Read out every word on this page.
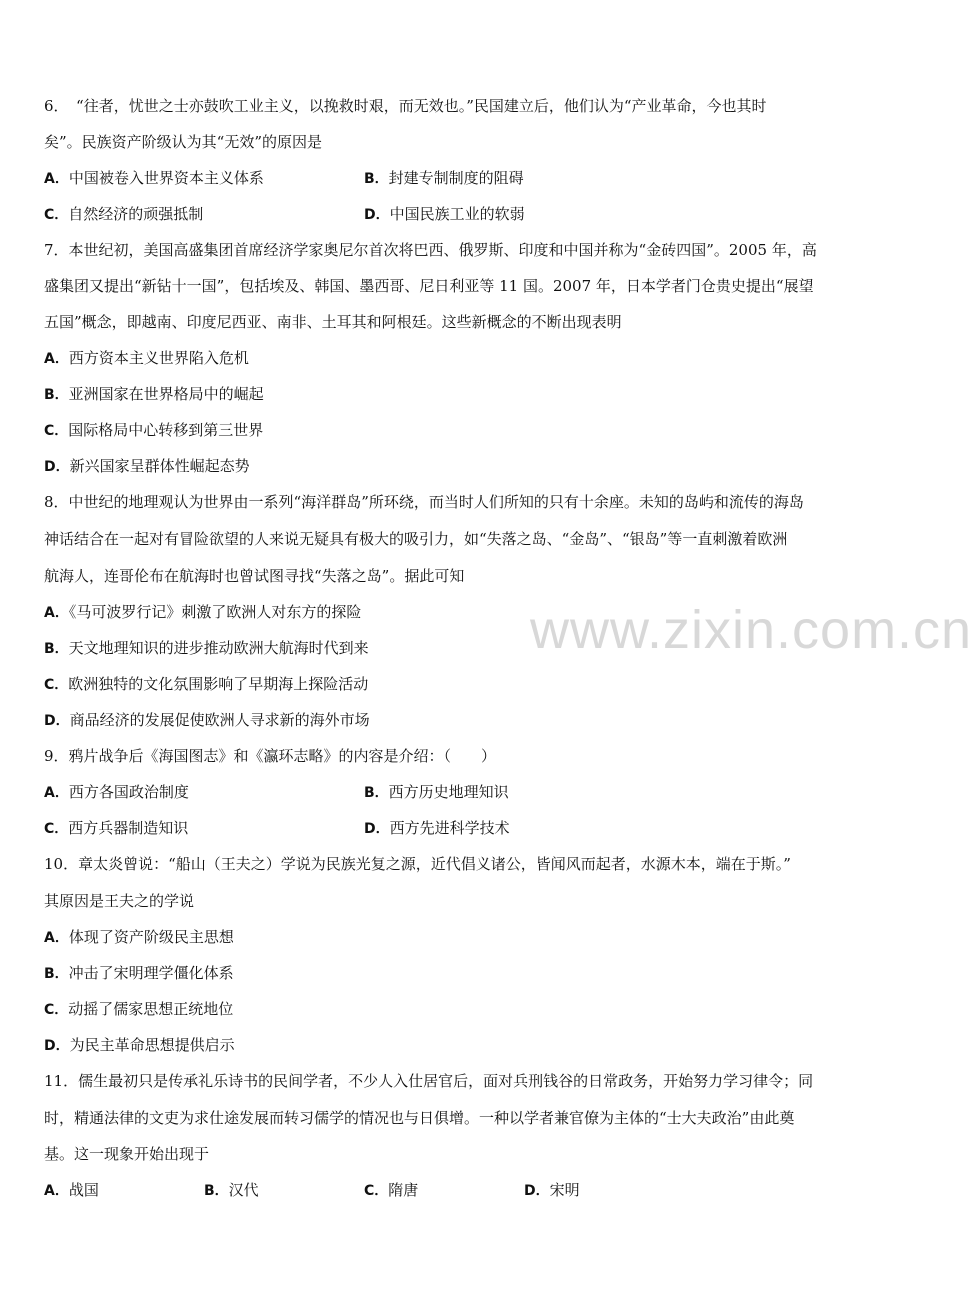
www.zixin.com.cn
6．　“往者，忧世之士亦鼓吹工业主义，以挽救时艰，而无效也。”民国建立后，他们认为“产业革命，今也其时
矣”。民族资产阶级认为其“无效”的原因是
A．中国被卷入世界资本主义体系	B．封建专制制度的阻碍
C．自然经济的顽强抵制	D．中国民族工业的软弱
7．本世纪初，美国高盛集团首席经济学家奥尼尔首次将巴西、俄罗斯、印度和中国并称为“金砖四国”。2005 年，高
盛集团又提出“新钻十一国”，包括埃及、韩国、墨西哥、尼日利亚等 11 国。2007 年，日本学者门仓贵史提出“展望
五国”概念，即越南、印度尼西亚、南非、土耳其和阿根廷。这些新概念的不断出现表明
A．西方资本主义世界陷入危机
B．亚洲国家在世界格局中的崛起
C．国际格局中心转移到第三世界
D．新兴国家呈群体性崛起态势
8．中世纪的地理观认为世界由一系列“海洋群岛”所环绕，而当时人们所知的只有十余座。未知的岛屿和流传的海岛
神话结合在一起对有冒险欲望的人来说无疑具有极大的吸引力，如“失落之岛、“金岛”、“银岛”等一直刺激着欧洲
航海人，连哥伦布在航海时也曾试图寻找“失落之岛”。据此可知
A．《马可波罗行记》刺激了欧洲人对东方的探险
B．天文地理知识的进步推动欧洲大航海时代到来
C．欧洲独特的文化氛围影响了早期海上探险活动
D．商品经济的发展促使欧洲人寻求新的海外市场
9．鸦片战争后《海国图志》和《瀛环志略》的内容是介绍：（　　）
A．西方各国政治制度	B．西方历史地理知识
C．西方兵器制造知识	D．西方先进科学技术
10．章太炎曾说：“船山（王夫之）学说为民族光复之源，近代倡义诸公，皆闻风而起者，水源木本，端在于斯。”
其原因是王夫之的学说
A．体现了资产阶级民主思想
B．冲击了宋明理学僵化体系
C．动摇了儒家思想正统地位
D．为民主革命思想提供启示
11．儒生最初只是传承礼乐诗书的民间学者，不少人入仕居官后，面对兵刑钱谷的日常政务，开始努力学习律令；同
时，精通法律的文吏为求仕途发展而转习儒学的情况也与日俱增。一种以学者兼官僚为主体的“士大夫政治”由此奠
基。这一现象开始出现于
A．战国	B．汉代	C．隋唐	D．宋明
